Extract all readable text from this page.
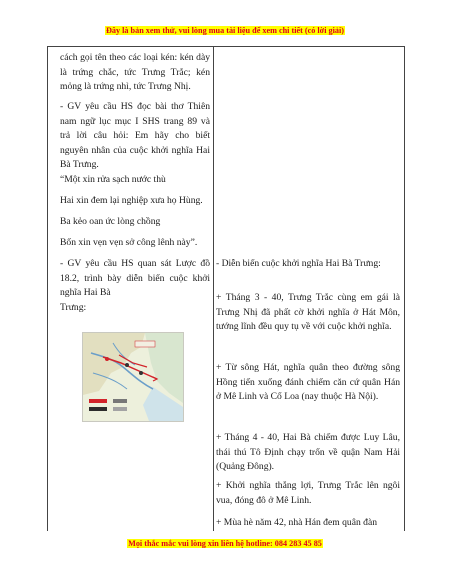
Đây là bản xem thử, vui lòng mua tài liệu để xem chi tiết (có lời giải)

cách gọi tên theo các loại kén: kén dày là trứng chắc, tức Trưng Trắc; kén mỏng là trứng nhì, tức Trưng Nhị.

- GV yêu cầu HS đọc bài thơ Thiên nam ngữ lục mục I SHS trang 89 và trả lời câu hỏi: Em hãy cho biết nguyên nhân của cuộc khởi nghĩa Hai Bà Trưng.

“Một xin rửa sạch nước thù

Hai xin đem lại nghiệp xưa họ Hùng.

Ba kẻo oan ức lòng chồng

Bốn xin vẹn vẹn sở công lênh này”.

- GV yêu cầu HS quan sát Lược đồ 18.2, trình bày diễn biến cuộc khởi nghĩa Hai Bà

Trưng:

- Diễn biến cuộc khởi nghĩa Hai Bà Trưng:

+ Tháng 3 - 40, Trưng Trắc cùng em gái là Trưng Nhị đã phất cờ khởi nghĩa ở Hát Môn, tướng lĩnh đều quy tụ về với cuộc khởi nghĩa.

+ Từ sông Hát, nghĩa quân theo đường sông Hồng tiến xuống đánh chiếm căn cứ quân Hán ở Mê Linh và Cổ Loa (nay thuộc Hà Nội).

+ Tháng 4 - 40, Hai Bà chiếm được Luy Lâu, thái thú Tô Định chạy trốn về quận Nam Hải (Quảng Đông).

+ Khởi nghĩa thắng lợi, Trưng Trắc lên ngôi vua, đóng đô ở Mê Linh.

+ Mùa hè năm 42, nhà Hán đem quân đàn

Mọi thắc mắc vui lòng xin liên hệ hotline: 084 283 45 85
